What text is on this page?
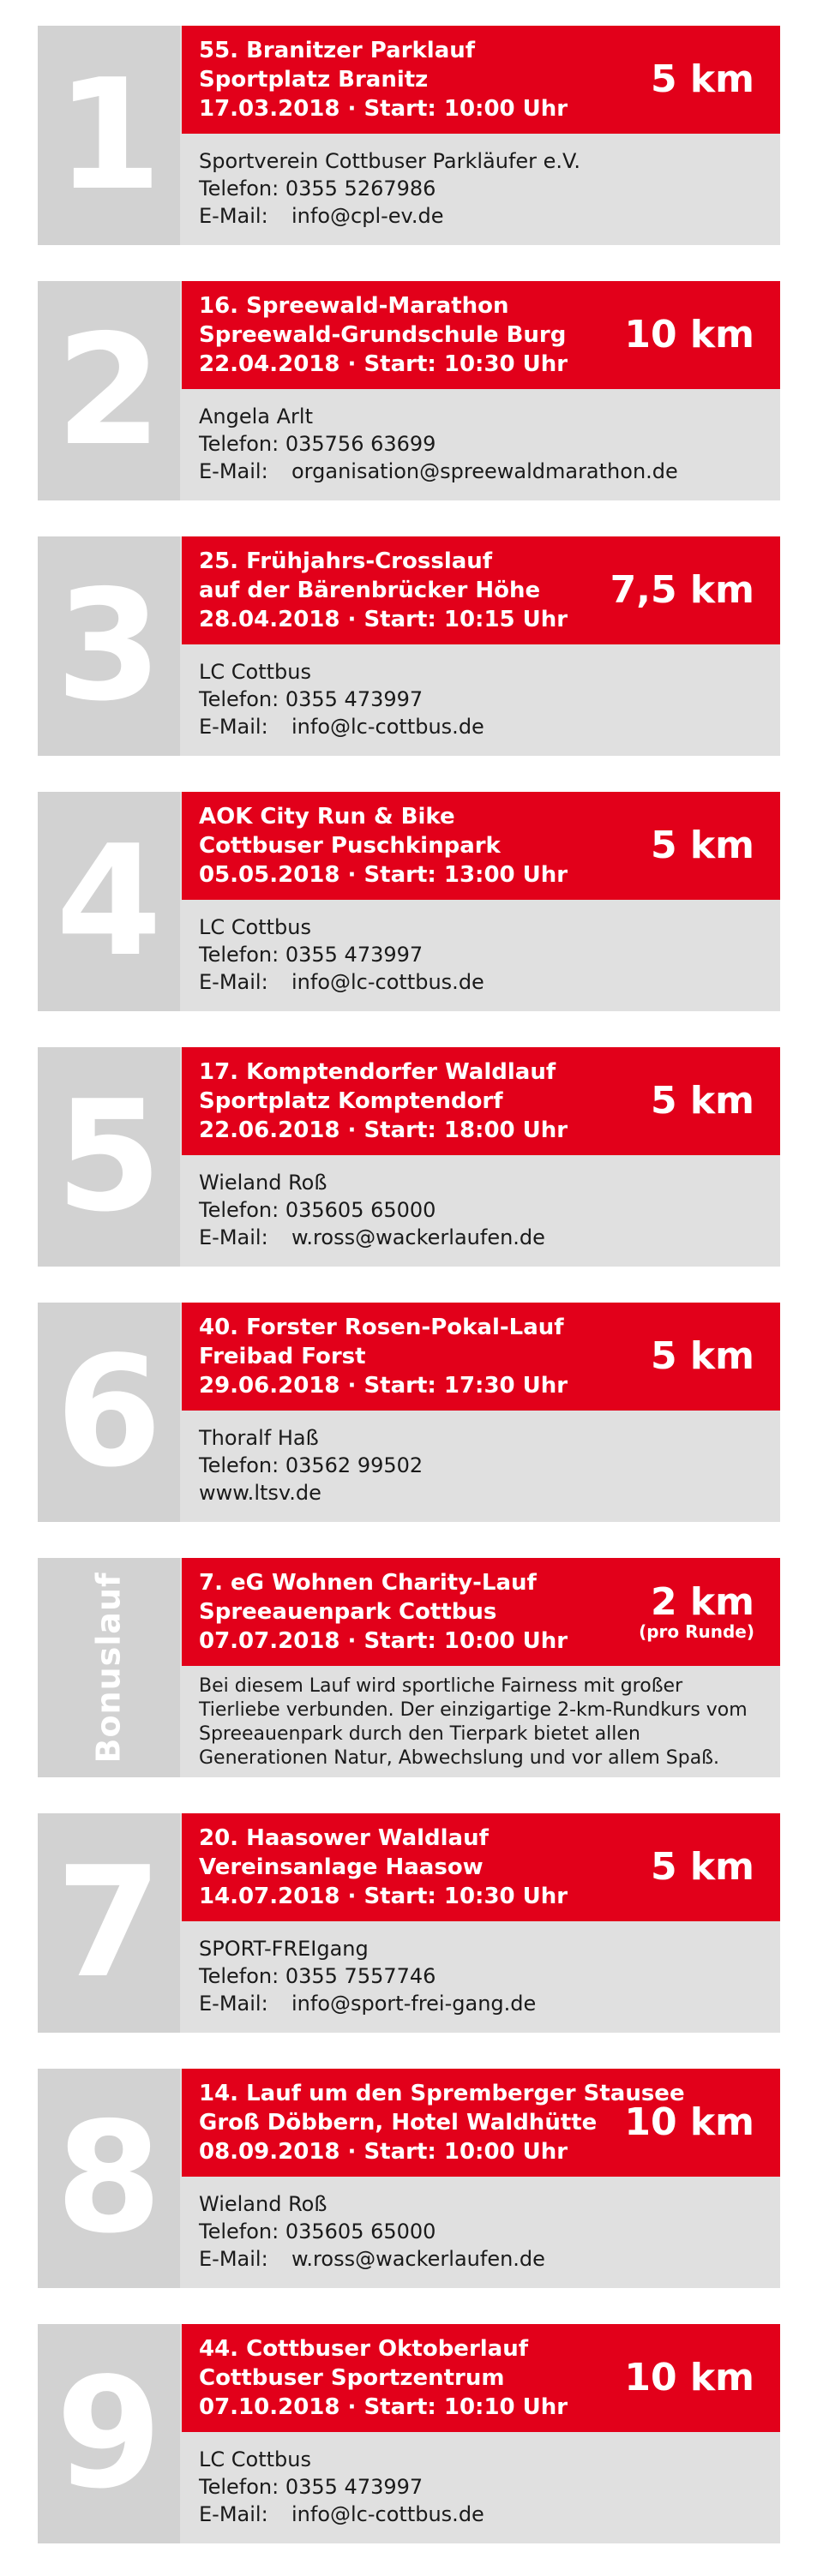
1	55. Branitzer Parklauf
Sportplatz Branitz
17.03.2018 · Start: 10:00 Uhr
5 km
Sportverein Cottbuser Parkläufer e.V.
Telefon: 0355 5267986
E-Mail: info@cpl-ev.de
2	16. Spreewald-Marathon
Spreewald-Grundschule Burg
22.04.2018 · Start: 10:30 Uhr
10 km
Angela Arlt
Telefon: 035756 63699
E-Mail: organisation@spreewaldmarathon.de
3	25. Frühjahrs-Crosslauf
auf der Bärenbrücker Höhe
28.04.2018 · Start: 10:15 Uhr
7,5 km
LC Cottbus
Telefon: 0355 473997
E-Mail: info@lc-cottbus.de
4	AOK City Run & Bike
Cottbuser Puschkinpark
05.05.2018 · Start: 13:00 Uhr
5 km
LC Cottbus
Telefon: 0355 473997
E-Mail: info@lc-cottbus.de
5	17. Komptendorfer Waldlauf
Sportplatz Komptendorf
22.06.2018 · Start: 18:00 Uhr
5 km
Wieland Roß
Telefon: 035605 65000
E-Mail: w.ross@wackerlaufen.de
6	40. Forster Rosen-Pokal-Lauf
Freibad Forst
29.06.2018 · Start: 17:30 Uhr
5 km
Thoralf Haß
Telefon: 03562 99502
www.ltsv.de
Bonuslauf	7. eG Wohnen Charity-Lauf
Spreeauenpark Cottbus
07.07.2018 · Start: 10:00 Uhr
2 km
(pro Runde)
Bei diesem Lauf wird sportliche Fairness mit großer Tierliebe verbunden. Der einzigartige 2-km-Rundkurs vom Spreeauenpark durch den Tierpark bietet allen Generationen Natur, Abwechslung und vor allem Spaß.
7	20. Haasower Waldlauf
Vereinsanlage Haasow
14.07.2018 · Start: 10:30 Uhr
5 km
SPORT-FREIgang
Telefon: 0355 7557746
E-Mail: info@sport-frei-gang.de
8	14. Lauf um den Spremberger Stausee
Groß Döbbern, Hotel Waldhütte
08.09.2018 · Start: 10:00 Uhr
10 km
Wieland Roß
Telefon: 035605 65000
E-Mail: w.ross@wackerlaufen.de
9	44. Cottbuser Oktoberlauf
Cottbuser Sportzentrum
07.10.2018 · Start: 10:10 Uhr
10 km
LC Cottbus
Telefon: 0355 473997
E-Mail: info@lc-cottbus.de
